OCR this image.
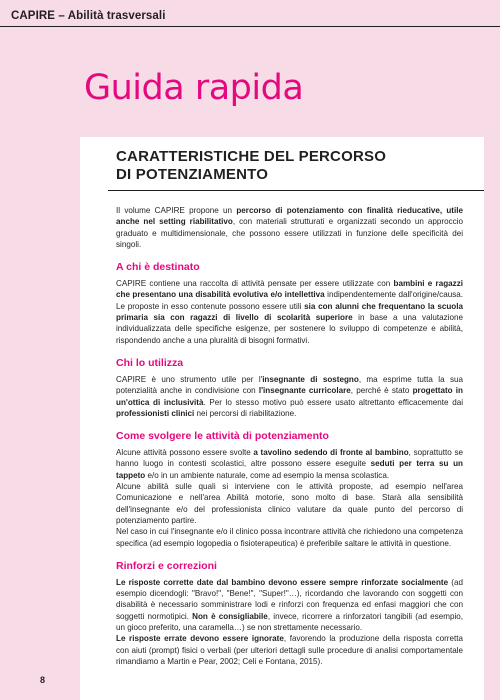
CAPIRE – Abilità trasversali
Guida rapida
CARATTERISTICHE DEL PERCORSO
DI POTENZIAMENTO

Il volume CAPIRE propone un percorso di potenziamento con finalità rieducative, utile anche nel setting riabilitativo, con materiali strutturati e organizzati secondo un approccio graduato e multidimensionale, che possono essere utilizzati in funzione delle specificità dei singoli.

A chi è destinato

CAPIRE contiene una raccolta di attività pensate per essere utilizzate con bambini e ragazzi che presentano una disabilità evolutiva e/o intellettiva indipendentemente dall'origine/causa. Le proposte in esso contenute possono essere utili sia con alunni che frequentano la scuola primaria sia con ragazzi di livello di scolarità superiore in base a una valutazione individualizzata delle specifiche esigenze, per sostenere lo sviluppo di competenze e abilità, rispondendo anche a una pluralità di bisogni formativi.

Chi lo utilizza

CAPIRE è uno strumento utile per l'insegnante di sostegno, ma esprime tutta la sua potenzialità anche in condivisione con l'insegnante curricolare, perché è stato progettato in un'ottica di inclusività. Per lo stesso motivo può essere usato altrettanto efficacemente dai professionisti clinici nei percorsi di riabilitazione.

Come svolgere le attività di potenziamento

Alcune attività possono essere svolte a tavolino sedendo di fronte al bambino, soprattutto se hanno luogo in contesti scolastici, altre possono essere eseguite seduti per terra su un tappeto e/o in un ambiente naturale, come ad esempio la mensa scolastica.

Alcune abilità sulle quali si interviene con le attività proposte, ad esempio nell'area Comunicazione e nell'area Abilità motorie, sono molto di base. Starà alla sensibilità dell'insegnante e/o del professionista clinico valutare da quale punto del percorso di potenziamento partire.

Nel caso in cui l'insegnante e/o il clinico possa incontrare attività che richiedono una competenza specifica (ad esempio logopedia o fisioterapeutica) è preferibile saltare le attività in questione.

Rinforzi e correzioni

Le risposte corrette date dal bambino devono essere sempre rinforzate socialmente (ad esempio dicendogli: "Bravo!", "Bene!", "Super!"…), ricordando che lavorando con soggetti con disabilità è necessario somministrare lodi e rinforzi con frequenza ed enfasi maggiori che con soggetti normotipici. Non è consigliabile, invece, ricorrere a rinforzatori tangibili (ad esempio, un gioco preferito, una caramella…) se non strettamente necessario.

Le risposte errate devono essere ignorate, favorendo la produzione della risposta corretta con aiuti (prompt) fisici o verbali (per ulteriori dettagli sulle procedure di analisi comportamentale rimandiamo a Martin e Pear, 2002; Celi e Fontana, 2015).

8
